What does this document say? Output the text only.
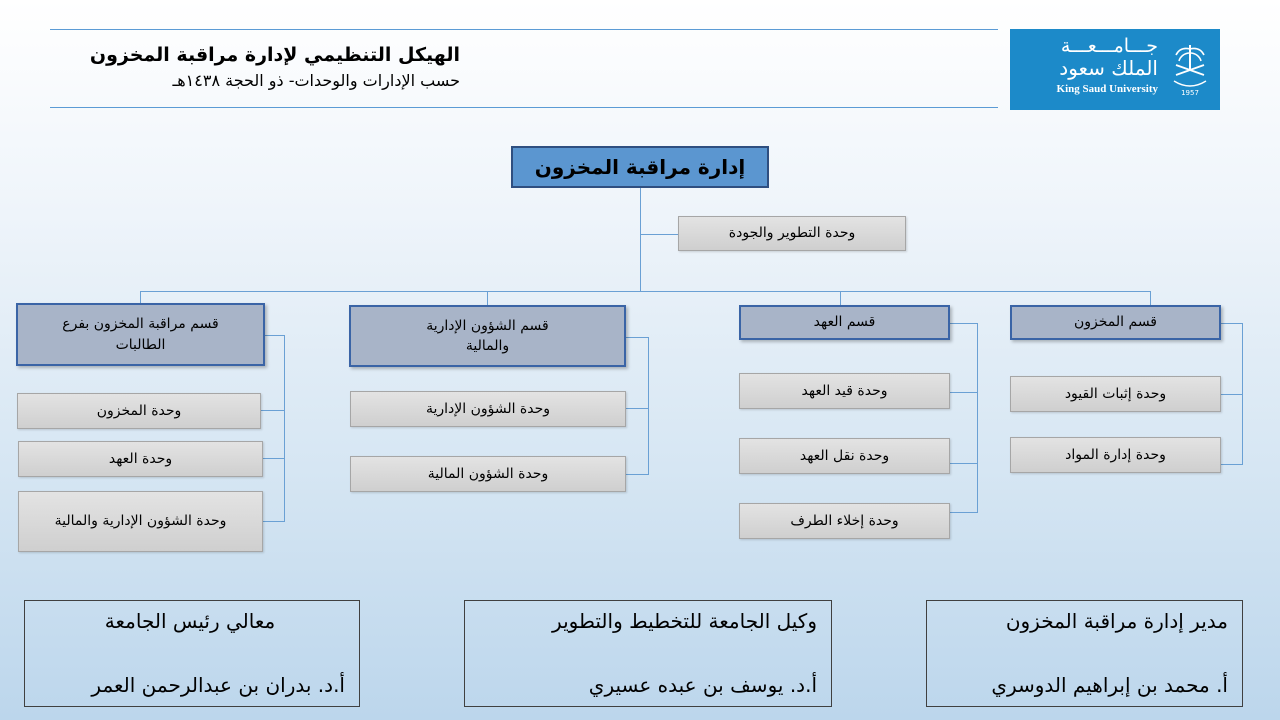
الهيكل التنظيمي لإدارة مراقبة المخزون
حسب الإدارات والوحدات- ذو الحجة ١٤٣٨هـ
جـــامـــعـــة
الملك سعود
King Saud University	1957
إدارة مراقبة المخزون
وحدة التطوير والجودة
قسم المخزون
وحدة إثبات القيود
وحدة إدارة المواد
قسم العهد
وحدة قيد العهد
وحدة نقل العهد
وحدة إخلاء الطرف
قسم الشؤون الإدارية والمالية
وحدة الشؤون الإدارية
وحدة الشؤون المالية
قسم مراقبة المخزون بفرع الطالبات
وحدة المخزون
وحدة العهد
وحدة الشؤون الإدارية والمالية
مدير إدارة مراقبة المخزون
أ. محمد بن إبراهيم الدوسري
وكيل الجامعة للتخطيط والتطوير
أ.د. يوسف بن عبده عسيري
معالي رئيس الجامعة
أ.د. بدران بن عبدالرحمن العمر
